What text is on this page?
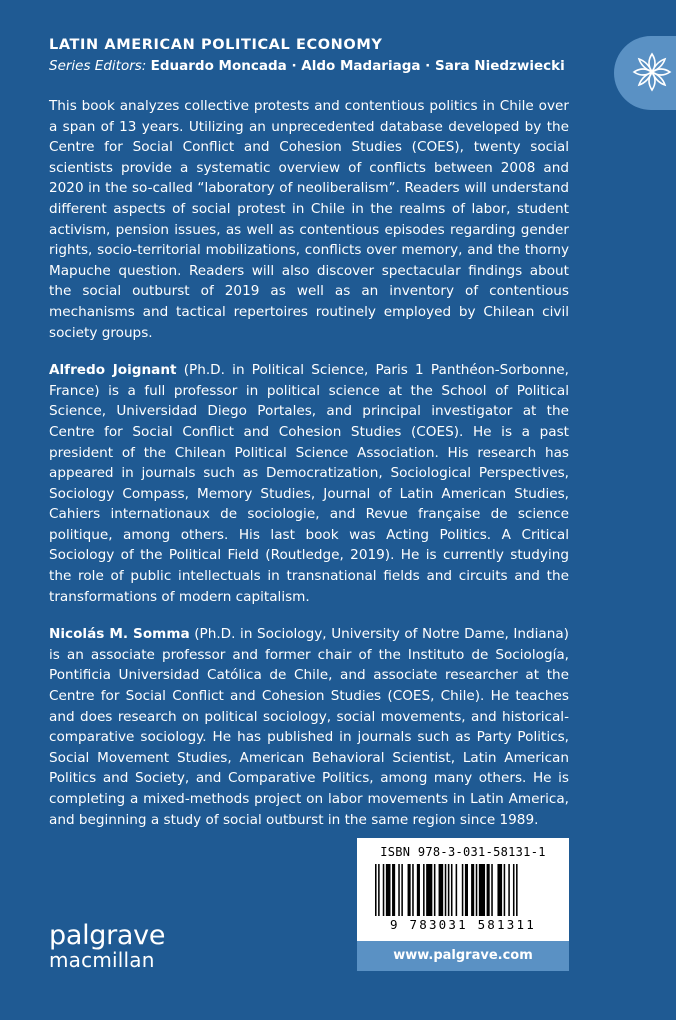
LATIN AMERICAN POLITICAL ECONOMY
Series Editors: Eduardo Moncada · Aldo Madariaga · Sara Niedzwiecki

This book analyzes collective protests and contentious politics in Chile over a span of 13 years. Utilizing an unprecedented database developed by the Centre for Social Conflict and Cohesion Studies (COES), twenty social scientists provide a systematic overview of conflicts between 2008 and 2020 in the so-called “laboratory of neoliberalism”. Readers will understand different aspects of social protest in Chile in the realms of labor, student activism, pension issues, as well as contentious episodes regarding gender rights, socio-territorial mobilizations, conflicts over memory, and the thorny Mapuche question. Readers will also discover spectacular findings about the social outburst of 2019 as well as an inventory of contentious mechanisms and tactical repertoires routinely employed by Chilean civil society groups.

Alfredo Joignant (Ph.D. in Political Science, Paris 1 Panthéon-Sorbonne, France) is a full professor in political science at the School of Political Science, Universidad Diego Portales, and principal investigator at the Centre for Social Conflict and Cohesion Studies (COES). He is a past president of the Chilean Political Science Association. His research has appeared in journals such as Democratization, Sociological Perspectives, Sociology Compass, Memory Studies, Journal of Latin American Studies, Cahiers internationaux de sociologie, and Revue française de science politique, among others. His last book was Acting Politics. A Critical Sociology of the Political Field (Routledge, 2019). He is currently studying the role of public intellectuals in transnational fields and circuits and the transformations of modern capitalism.

Nicolás M. Somma (Ph.D. in Sociology, University of Notre Dame, Indiana) is an associate professor and former chair of the Instituto de Sociología, Pontificia Universidad Católica de Chile, and associate researcher at the Centre for Social Conflict and Cohesion Studies (COES, Chile). He teaches and does research on political sociology, social movements, and historical-comparative sociology. He has published in journals such as Party Politics, Social Movement Studies, American Behavioral Scientist, Latin American Politics and Society, and Comparative Politics, among many others. He is completing a mixed-methods project on labor movements in Latin America, and beginning a study of social outburst in the same region since 1989.

palgrave
macmillan
ISBN 978-3-031-58131-1
9 783031 581311
www.palgrave.com
